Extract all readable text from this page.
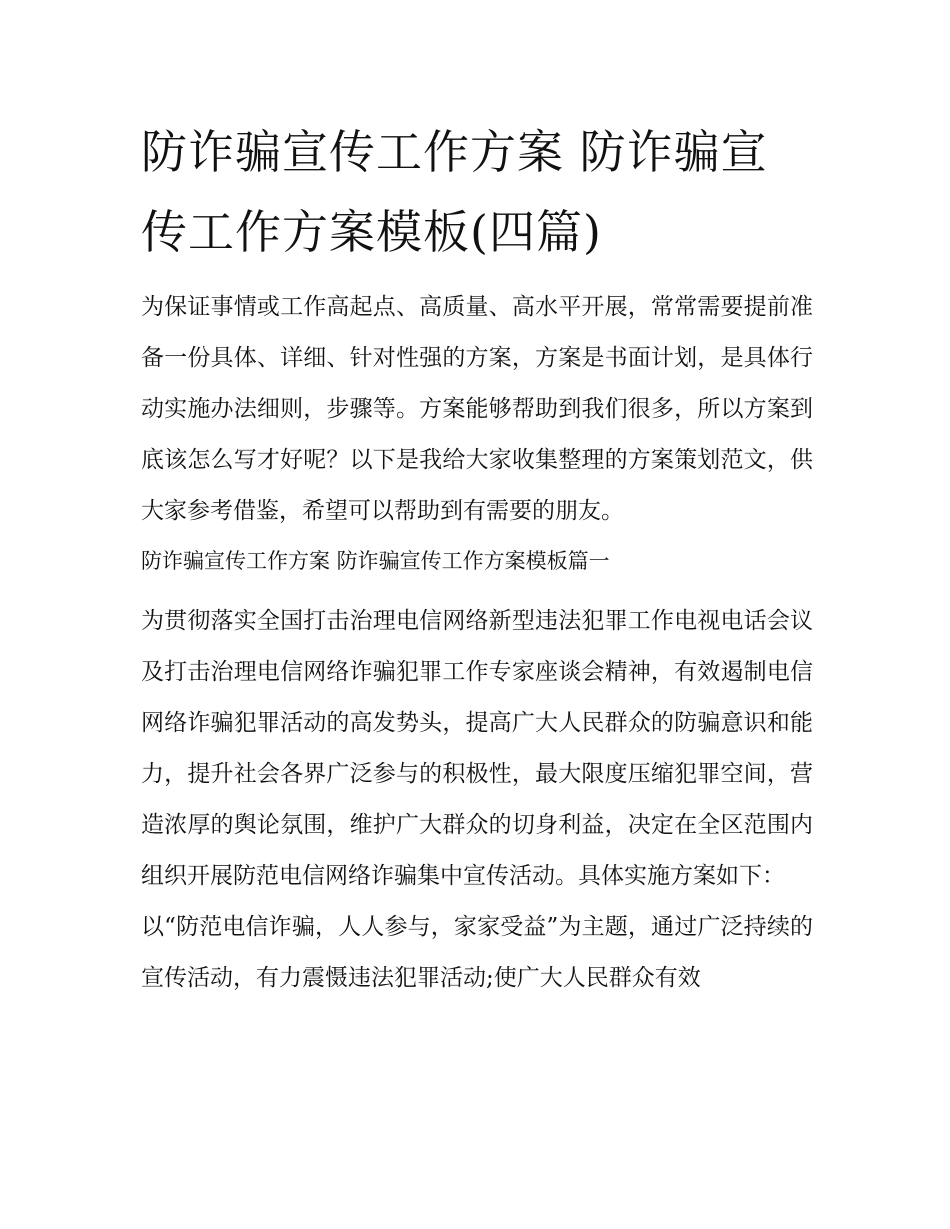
防诈骗宣传工作方案 防诈骗宣传工作方案模板(四篇)

为保证事情或工作高起点、高质量、高水平开展，常常需要提前准备一份具体、详细、针对性强的方案，方案是书面计划，是具体行动实施办法细则，步骤等。方案能够帮助到我们很多，所以方案到底该怎么写才好呢？以下是我给大家收集整理的方案策划范文，供大家参考借鉴，希望可以帮助到有需要的朋友。

防诈骗宣传工作方案 防诈骗宣传工作方案模板篇一

为贯彻落实全国打击治理电信网络新型违法犯罪工作电视电话会议及打击治理电信网络诈骗犯罪工作专家座谈会精神，有效遏制电信网络诈骗犯罪活动的高发势头，提高广大人民群众的防骗意识和能力，提升社会各界广泛参与的积极性，最大限度压缩犯罪空间，营造浓厚的舆论氛围，维护广大群众的切身利益，决定在全区范围内组织开展防范电信网络诈骗集中宣传活动。具体实施方案如下：

以“防范电信诈骗，人人参与，家家受益”为主题，通过广泛持续的宣传活动，有力震慑违法犯罪活动;使广大人民群众有效
